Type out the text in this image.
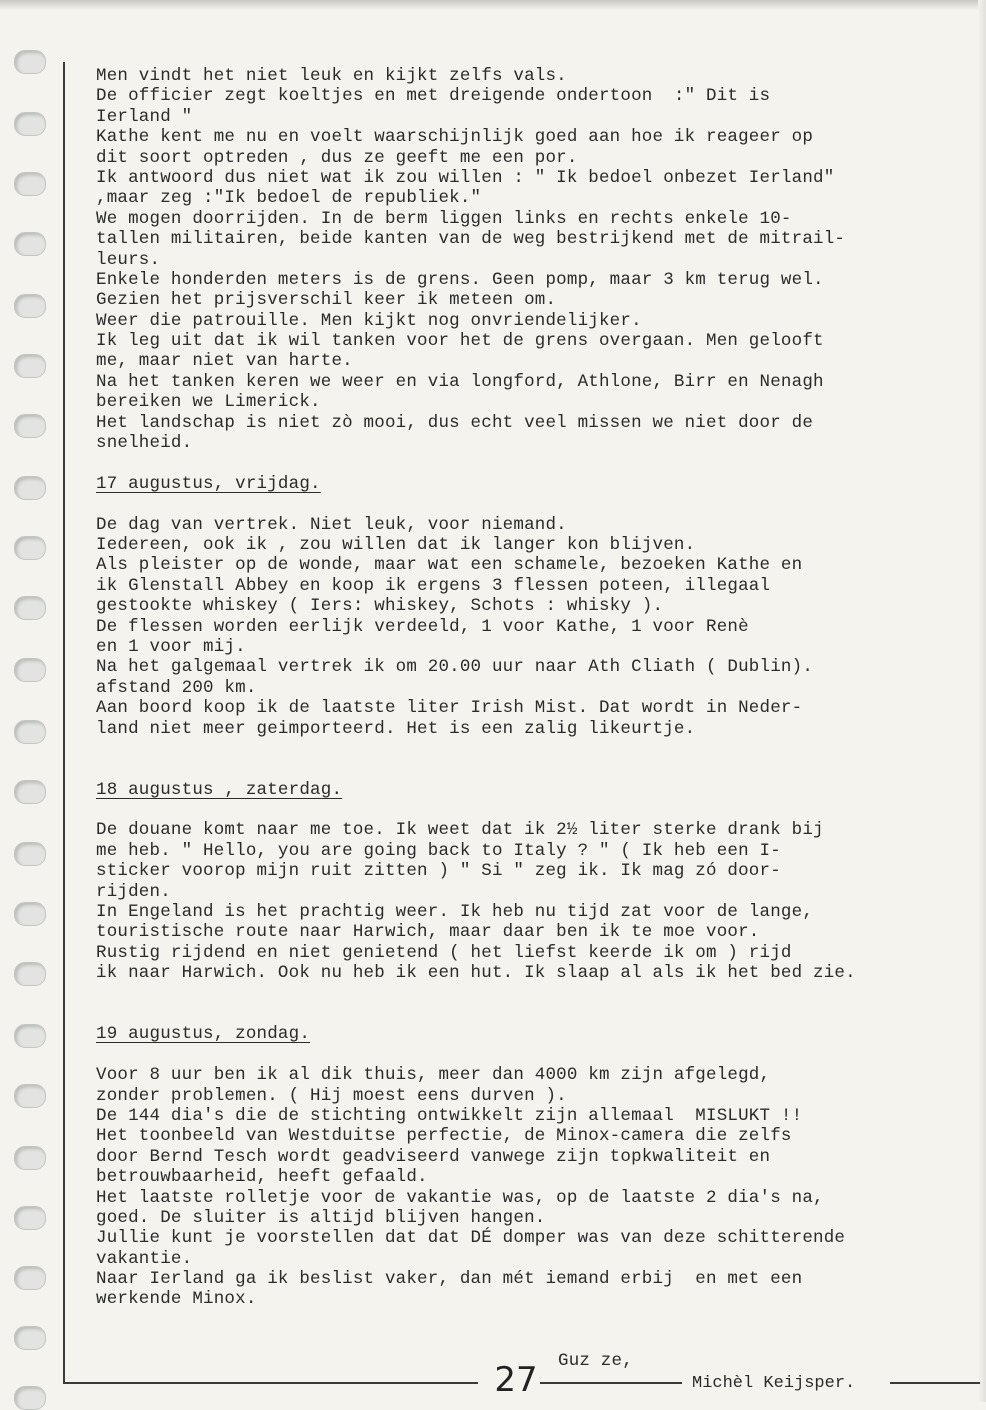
Men vindt het niet leuk en kijkt zelfs vals.
De officier zegt koeltjes en met dreigende ondertoon  :" Dit is
Ierland "
Kathe kent me nu en voelt waarschijnlijk goed aan hoe ik reageer op
dit soort optreden , dus ze geeft me een por.
Ik antwoord dus niet wat ik zou willen : " Ik bedoel onbezet Ierland"
,maar zeg :"Ik bedoel de republiek."
We mogen doorrijden. In de berm liggen links en rechts enkele 10-
tallen militairen, beide kanten van de weg bestrijkend met de mitrail-
leurs.
Enkele honderden meters is de grens. Geen pomp, maar 3 km terug wel.
Gezien het prijsverschil keer ik meteen om.
Weer die patrouille. Men kijkt nog onvriendelijker.
Ik leg uit dat ik wil tanken voor het de grens overgaan. Men gelooft
me, maar niet van harte.
Na het tanken keren we weer en via longford, Athlone, Birr en Nenagh
bereiken we Limerick.
Het landschap is niet zò mooi, dus echt veel missen we niet door de
snelheid.
17 augustus, vrijdag.
De dag van vertrek. Niet leuk, voor niemand.
Iedereen, ook ik , zou willen dat ik langer kon blijven.
Als pleister op de wonde, maar wat een schamele, bezoeken Kathe en
ik Glenstall Abbey en koop ik ergens 3 flessen poteen, illegaal
gestookte whiskey ( Iers: whiskey, Schots : whisky ).
De flessen worden eerlijk verdeeld, 1 voor Kathe, 1 voor Renè
en 1 voor mij.
Na het galgemaal vertrek ik om 20.00 uur naar Ath Cliath ( Dublin).
afstand 200 km.
Aan boord koop ik de laatste liter Irish Mist. Dat wordt in Neder-
land niet meer geimporteerd. Het is een zalig likeurtje.
18 augustus , zaterdag.
De douane komt naar me toe. Ik weet dat ik 2½ liter sterke drank bij
me heb. " Hello, you are going back to Italy ? " ( Ik heb een I-
sticker voorop mijn ruit zitten ) " Si " zeg ik. Ik mag zó door-
rijden.
In Engeland is het prachtig weer. Ik heb nu tijd zat voor de lange,
touristische route naar Harwich, maar daar ben ik te moe voor.
Rustig rijdend en niet genietend ( het liefst keerde ik om ) rijd
ik naar Harwich. Ook nu heb ik een hut. Ik slaap al als ik het bed zie.
19 augustus, zondag.
Voor 8 uur ben ik al dik thuis, meer dan 4000 km zijn afgelegd,
zonder problemen. ( Hij moest eens durven ).
De 144 dia's die de stichting ontwikkelt zijn allemaal  MISLUKT !!
Het toonbeeld van Westduitse perfectie, de Minox-camera die zelfs
door Bernd Tesch wordt geadviseerd vanwege zijn topkwaliteit en
betrouwbaarheid, heeft gefaald.
Het laatste rolletje voor de vakantie was, op de laatste 2 dia's na,
goed. De sluiter is altijd blijven hangen.
Jullie kunt je voorstellen dat dat DÉ domper was van deze schitterende
vakantie.
Naar Ierland ga ik beslist vaker, dan mét iemand erbij  en met een
werkende Minox.
Guz ze,
27	Michèl Keijsper.
